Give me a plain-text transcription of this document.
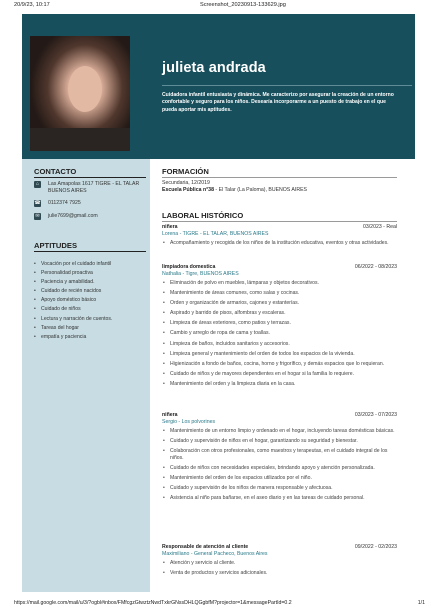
20/9/23, 10:17	Screenshot_20230913-133629.jpg
julieta andrada
Cuidadora infantil entusiasta y dinámica. Me caracterizo por asegurar la creación de un entorno confortable y seguro para los niños. Desearía incorporarme a un puesto de trabajo en el que pueda aportar mis aptitudes.
CONTACTO
⌂	Las Amapolas 1617 TIGRE - EL TALAR BUENOS AIRES
☎ 0112374 7925
✉ julie7699@gmail.com
APTITUDES
• Vocación por el cuidado infantil
• Personalidad proactiva
• Paciencia y amabilidad.
• Cuidado de recién nacidos
• Apoyo doméstico básico
• Cuidado de niños
• Lectura y narración de cuentos.
• Tareas del hogar
• empatía y paciencia
FORMACIÓN
Secundaria, 12/2019
Escuela Pública n°38 - El Talar (La Paloma), BUENOS AIRES
LABORAL HISTÓRICO
niñera	03/2023 - Real
Lorena - TIGRE - EL TALAR, BUENOS AIRES
• Acompañamiento y recogida de los niños de la institución educativa, eventos y otras actividades.
limpiadora domestica	06/2022 - 08/2023
Nathalia - Tigre, BUENOS AIRES
• Eliminación de polvo en muebles, lámparas y objetos decorativos.
• Mantenimiento de áreas comunes, como salas y cocinas.
• Orden y organización de armarios, cajones y estanterías.
• Aspirado y barrido de pisos, alfombras y escaleras.
• Limpieza de áreas exteriores, como patios y terrazas.
• Cambio y arreglo de ropa de cama y toallas.
• Limpieza de baños, incluidos sanitarios y accesorios.
• Limpieza general y mantenimiento del orden de todos los espacios de la vivienda.
• Higienización a fondo de baños, cocina, horno y frigorífico, y demás espacios que lo requieran.
• Cuidado de niños y de mayores dependientes en el hogar si la familia lo requiere.
• Mantenimiento del orden y la limpieza diaria en la casa.
niñera	03/2023 - 07/2023
Sergio - Los polvorines
• Mantenimiento de un entorno limpio y ordenado en el hogar, incluyendo tareas domésticas básicas.
• Cuidado y supervisión de niños en el hogar, garantizando su seguridad y bienestar.
• Colaboración con otros profesionales, como maestros y terapeutas, en el cuidado integral de los niños.
• Cuidado de niños con necesidades especiales, brindando apoyo y atención personalizada.
• Mantenimiento del orden de los espacios utilizados por el niño.
• Cuidado y supervisión de los niños de manera responsable y afectuosa.
• Asistencia al niño para bañarse, en el aseo diario y en las tareas de cuidado personal.
Responsable de atención al cliente	09/2022 - 02/2023
Maximiliano - General Pacheco, Buenos Aires
• Atención y servicio al cliente.
• Venta de productos y servicios adicionales.
https://mail.google.com/mail/u/3/?ogbl#inbox/FMfcgzGtwztzNwdTxkrGNssDHLQGgbfM?projector=1&messagePartId=0.2	1/1
